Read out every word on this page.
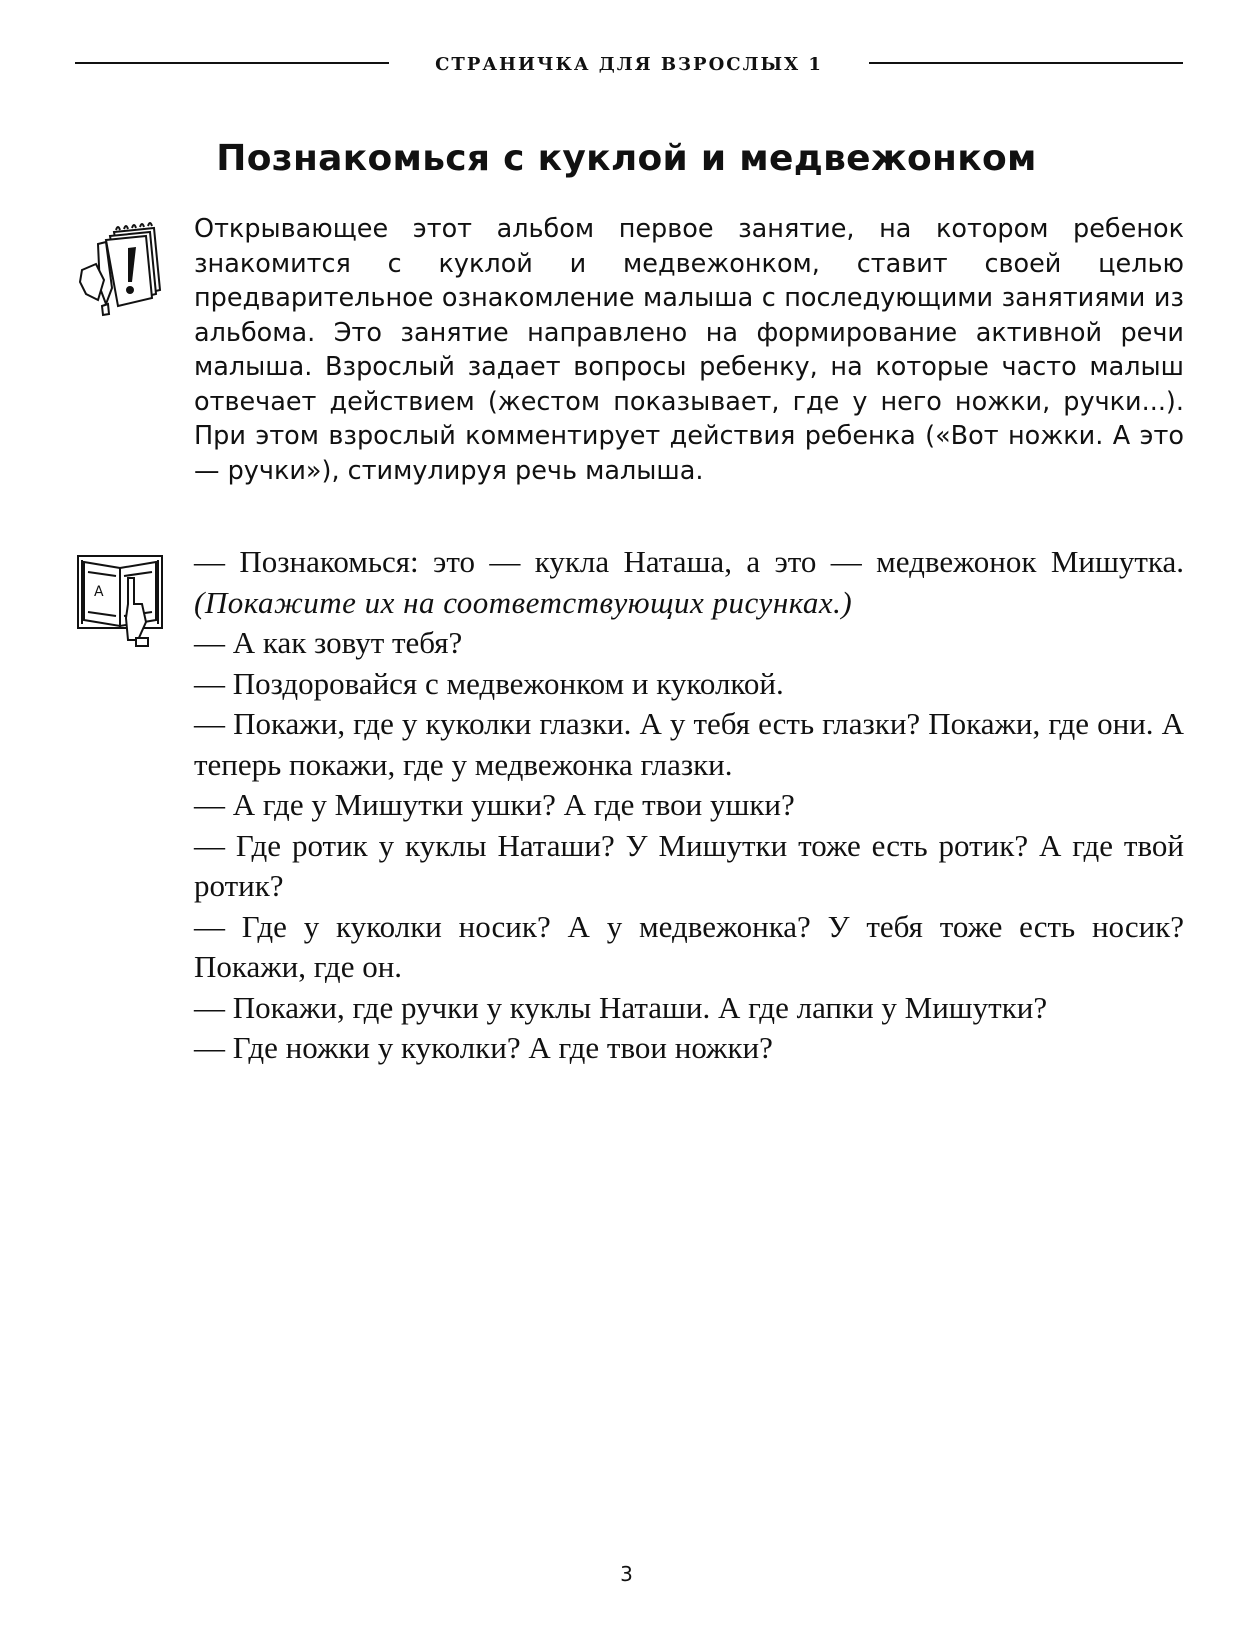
СТРАНИЧКА ДЛЯ ВЗРОСЛЫХ 1
Познакомься с куклой и медвежонком

Открывающее этот альбом первое занятие, на котором ребенок знакомится с куклой и медвежонком, ставит своей целью предварительное ознакомление малыша с последующими занятиями из альбома. Это занятие направлено на формирование активной речи малыша. Взрослый задает вопросы ребенку, на которые часто малыш отвечает действием (жестом показывает, где у него ножки, ручки...). При этом взрослый комментирует действия ребенка («Вот ножки. А это — ручки»), стимулируя речь малыша.

A

— Познакомься: это — кукла Наташа, а это — медвежонок Мишутка. (Покажите их на соответствующих рисунках.)

— А как зовут тебя?

— Поздоровайся с медвежонком и куколкой.

— Покажи, где у куколки глазки. А у тебя есть глазки? Покажи, где они. А теперь покажи, где у медвежонка глазки.

— А где у Мишутки ушки? А где твои ушки?

— Где ротик у куклы Наташи? У Мишутки тоже есть ротик? А где твой ротик?

— Где у куколки носик? А у медвежонка? У тебя тоже есть носик? Покажи, где он.

— Покажи, где ручки у куклы Наташи. А где лапки у Мишутки?

— Где ножки у куколки? А где твои ножки?

3
